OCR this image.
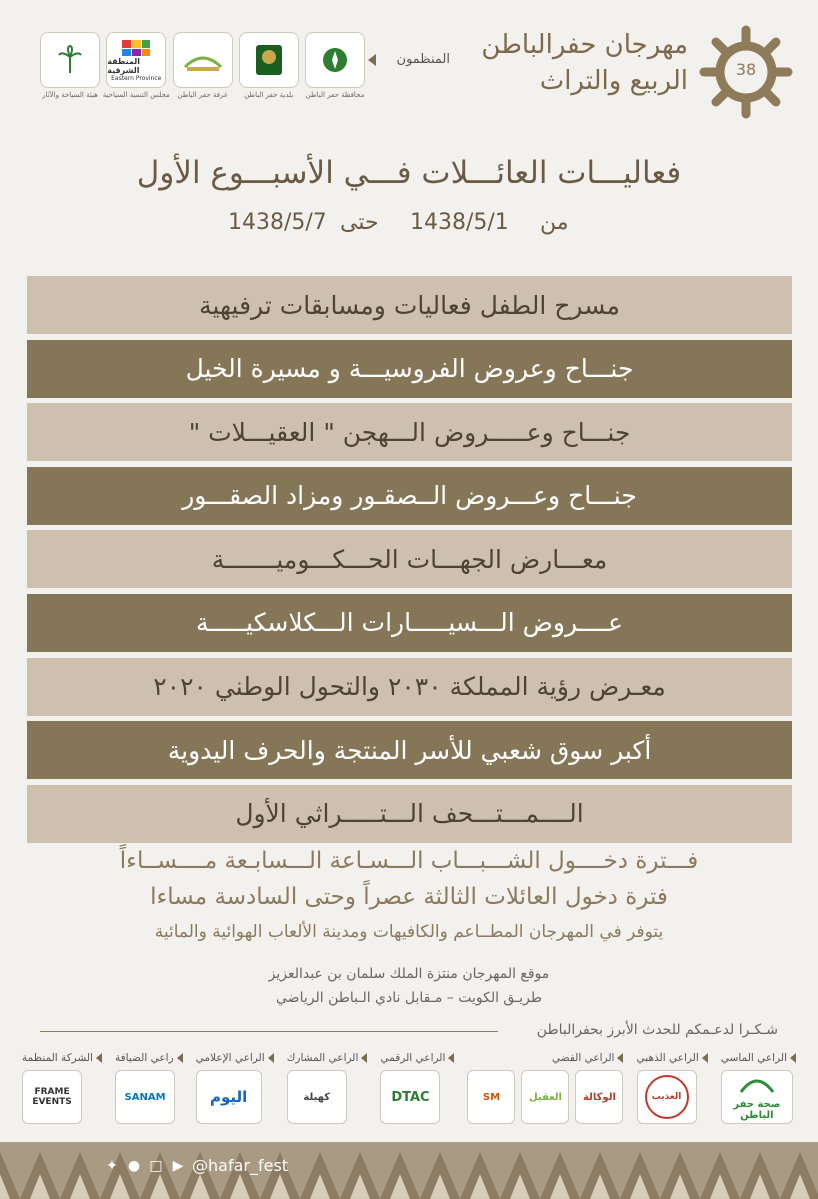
38
مهرجان حفرالباطن
الربيع والتراث
المنظمون
محافظة حفر الباطن
بلدية حفر الباطن
غرفة حفر الباطن
المنطقة الشرقية
Eastern Province
مجلس التنمية السياحية
هيئة السياحة والآثار
فعاليـــات العائـــلات فـــي الأسبـــوع الأول
من
1438/5/1
حتى
1438/5/7
مسرح الطفل فعاليات ومسابقات ترفيهية
جنـــاح وعروض الفروسيـــة و مسيرة الخيل
جنـــاح وعـــــروض الـــهجن " العقيـــلات "
جنـــاح وعـــروض الــصقـور ومزاد الصقـــور
معـــارض الجهـــات الحـــكـــوميـــــــة
عــــروض الـــسيـــــارات الـــكلاسكيـــــة
معـرض رؤية المملكة ٢٠٣٠ والتحول الوطني ٢٠٢٠
أكبر سوق شعبي للأسر المنتجة والحرف اليدوية
الــــمـــتـــحف الـــتـــــراثي الأول
فـــترة دخــــول الشـــبـــاب الـــسـاعة الـــسابـعة مــــســاءاً
فترة دخول العائلات الثالثة عصراً وحتى السادسة مساءا
يتوفر في المهرجان المطــاعم والكافيهات ومدينة الألعاب الهوائية والمائية
موقع المهرجان منتزة الملك سلمان بن عبدالعزيز
طريـق الكويت – مـقابل نادي الـباطن الرياضي
شـكـرا لدعـمكم للحدث الأبرز بحفرالباطن
الراعي الماسي
صحة حفر الباطن
الراعي الذهبي
العذيب
الراعي الفضي
SM	العقيل	الوكالة
الراعي الرقمي
DTAC
الراعي المشارك
كهيلة
الراعي الإعلامي
اليوم
راعي الضيافة
SANAM
الشركة المنظمة
FRAME EVENTS
✦ ● □ ▶ @hafar_fest
